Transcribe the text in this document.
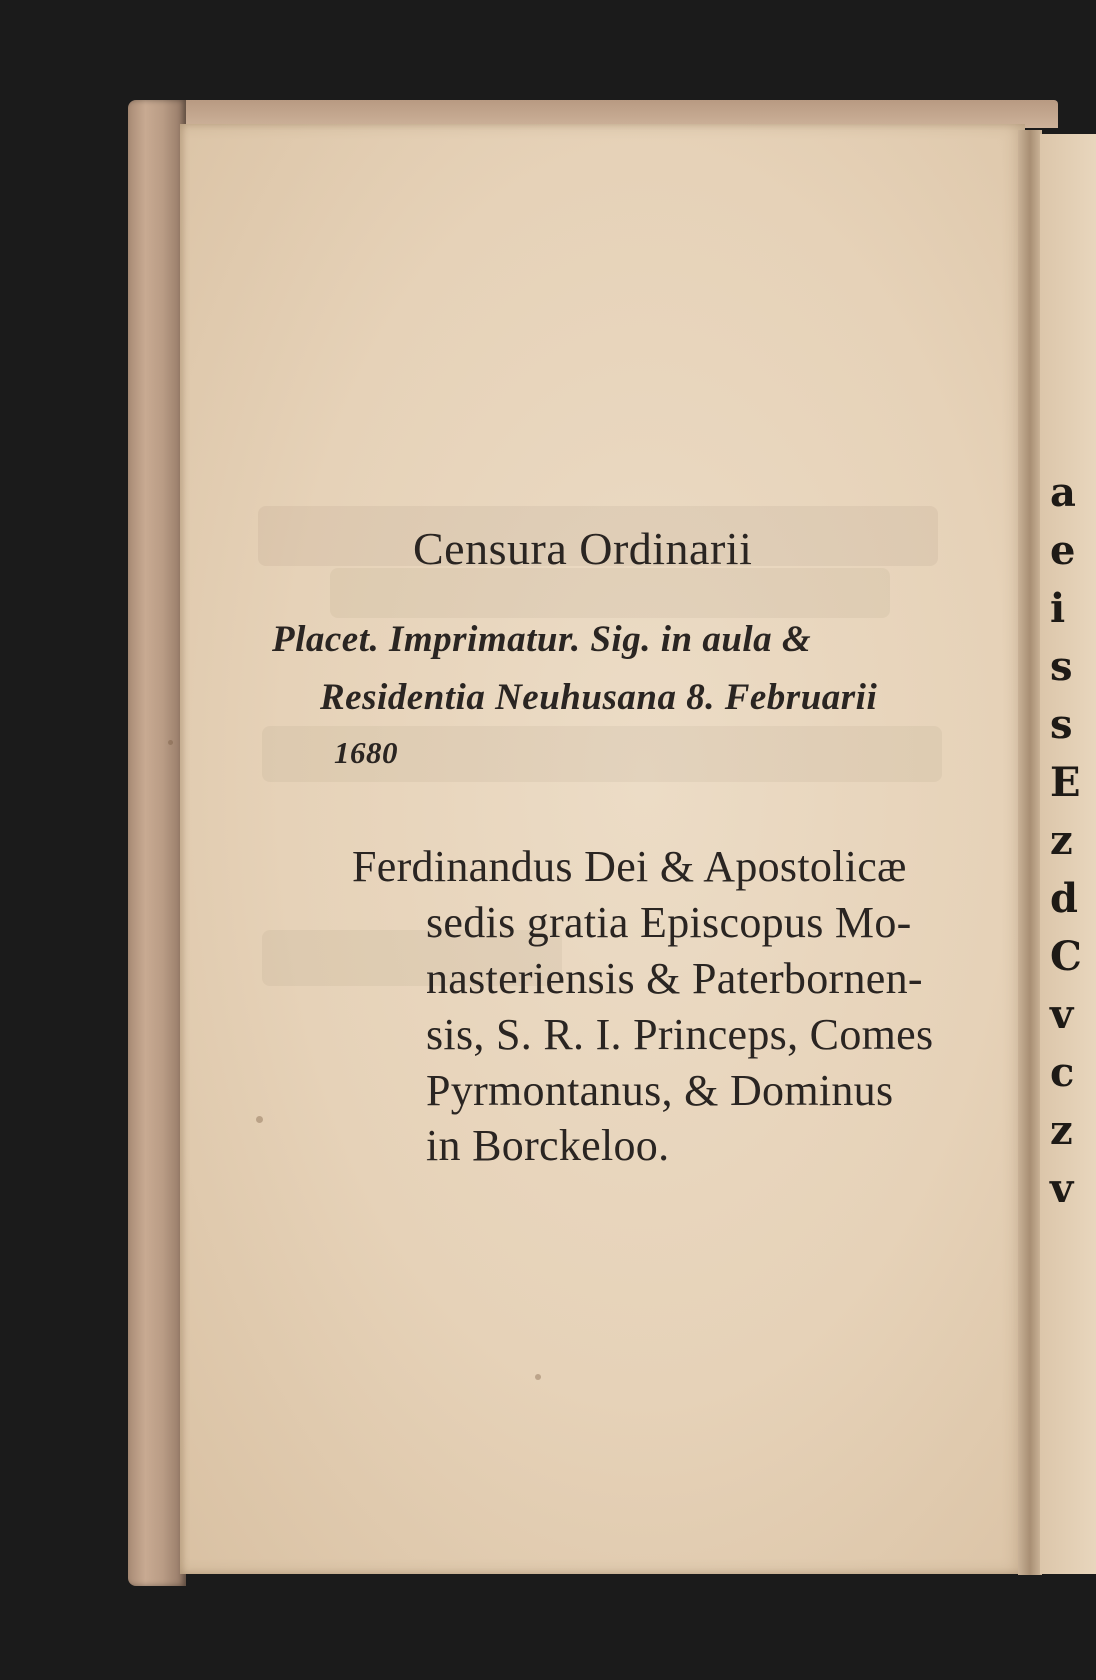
a
e
i
s
s
E
z
d
C
v
c
z
v
Censura Ordinarii
Placet. Imprimatur. Sig. in aula &
Residentia Neuhusana 8. Februarii
1680
Ferdinandus Dei & Apostolicæ
sedis gratia Episcopus Mo-
nasteriensis & Paterbornen-
sis, S. R. I. Princeps, Comes
Pyrmontanus, & Dominus
in Borckeloo.
